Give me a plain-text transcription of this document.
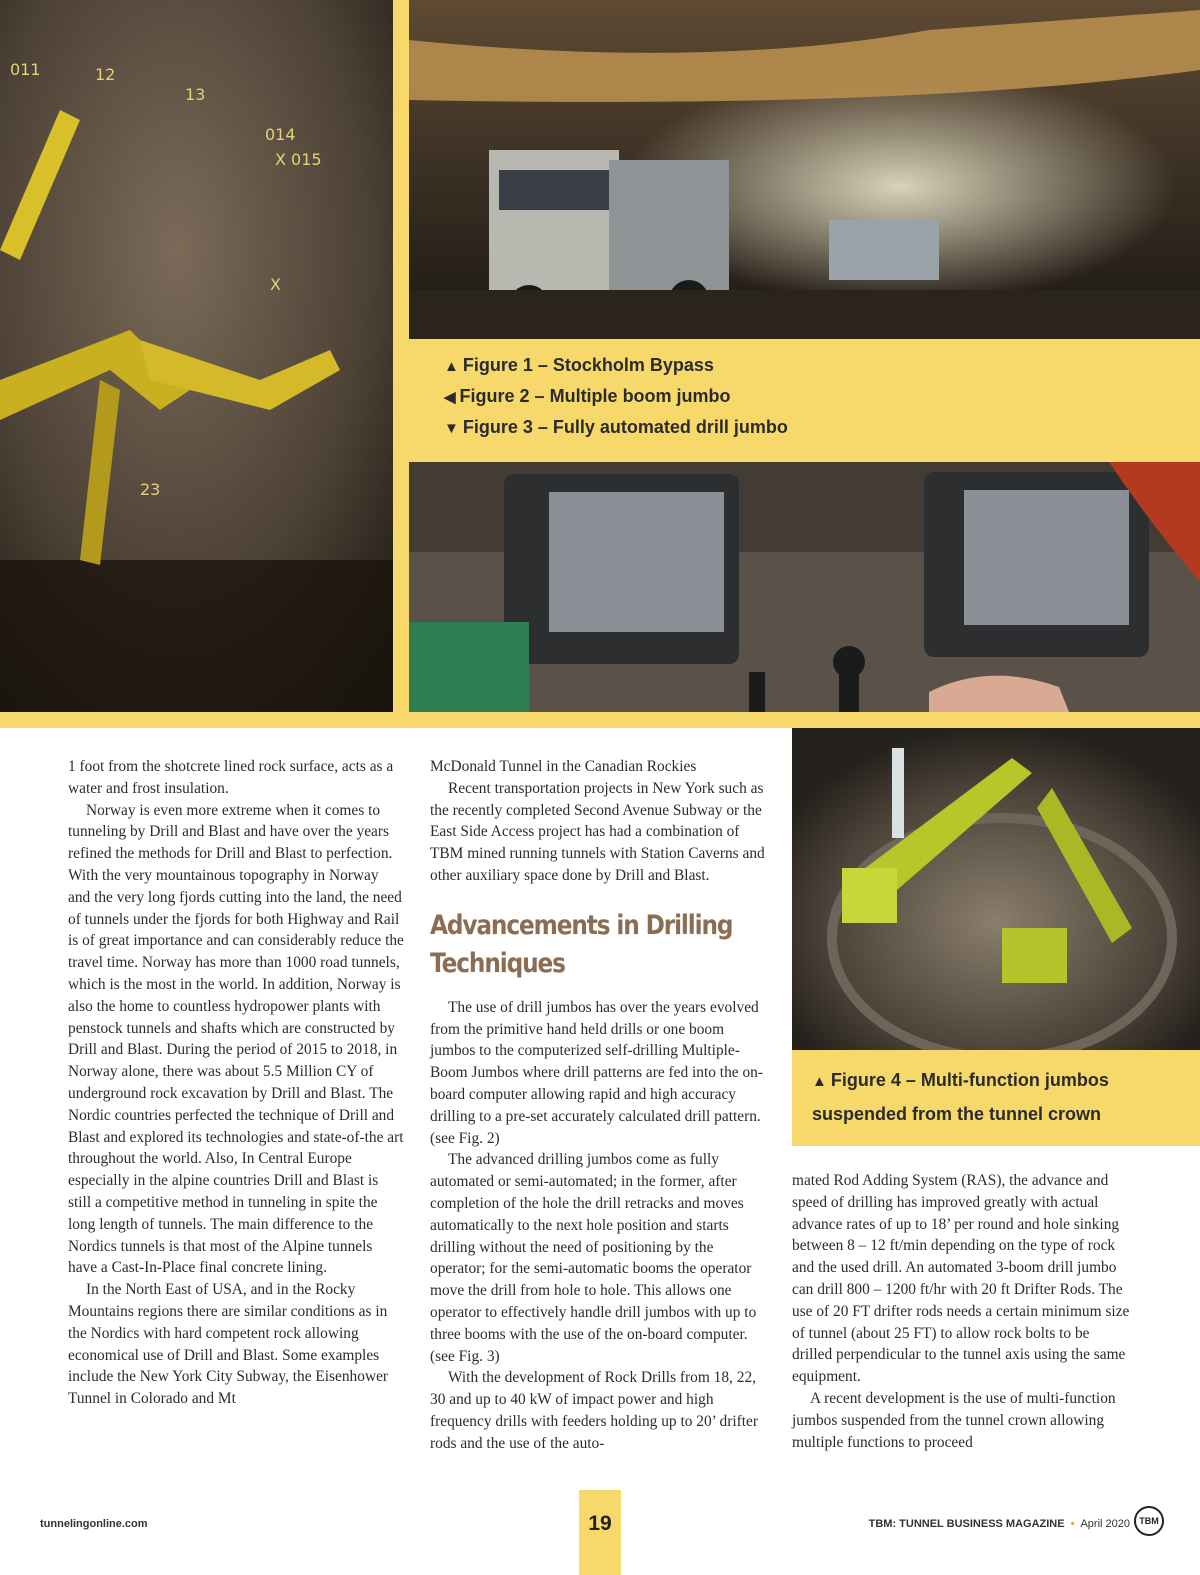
011	12
13
014
X 015
X
23
▲ Figure 1 – Stockholm Bypass
◀ Figure 2 – Multiple boom jumbo
▼ Figure 3 – Fully automated drill jumbo
▲ Figure 4 – Multi-function jumbos suspended from the tunnel crown

1 foot from the shotcrete lined rock surface, acts as a water and frost insulation.

Norway is even more extreme when it comes to tunneling by Drill and Blast and have over the years refined the methods for Drill and Blast to perfection. With the very mountainous topography in Norway and the very long fjords cutting into the land, the need of tunnels under the fjords for both Highway and Rail is of great importance and can considerably reduce the travel time. Norway has more than 1000 road tunnels, which is the most in the world. In addition, Norway is also the home to countless hydropower plants with penstock tunnels and shafts which are constructed by Drill and Blast. During the period of 2015 to 2018, in Norway alone, there was about 5.5 Million CY of underground rock excavation by Drill and Blast. The Nordic countries perfected the technique of Drill and Blast and explored its technologies and state-of-the art throughout the world. Also, In Central Europe especially in the alpine countries Drill and Blast is still a competitive method in tunneling in spite the long length of tunnels. The main difference to the Nordics tunnels is that most of the Alpine tunnels have a Cast-In-Place final concrete lining.

In the North East of USA, and in the Rocky Mountains regions there are similar conditions as in the Nordics with hard competent rock allowing economical use of Drill and Blast. Some examples include the New York City Subway, the Eisenhower Tunnel in Colorado and Mt

McDonald Tunnel in the Canadian Rockies

Recent transportation projects in New York such as the recently completed Second Avenue Subway or the East Side Access project has had a combination of TBM mined running tunnels with Station Caverns and other auxiliary space done by Drill and Blast.

Advancements in Drilling Techniques

The use of drill jumbos has over the years evolved from the primitive hand held drills or one boom jumbos to the computerized self-drilling Multiple-Boom Jumbos where drill patterns are fed into the on-board computer allowing rapid and high accuracy drilling to a pre-set accurately calculated drill pattern. (see Fig. 2)

The advanced drilling jumbos come as fully automated or semi-automated; in the former, after completion of the hole the drill retracks and moves automatically to the next hole position and starts drilling without the need of positioning by the operator; for the semi-automatic booms the operator move the drill from hole to hole. This allows one operator to effectively handle drill jumbos with up to three booms with the use of the on-board computer. (see Fig. 3)

With the development of Rock Drills from 18, 22, 30 and up to 40 kW of impact power and high frequency drills with feeders holding up to 20’ drifter rods and the use of the auto-

mated Rod Adding System (RAS), the advance and speed of drilling has improved greatly with actual advance rates of up to 18’ per round and hole sinking between 8 – 12 ft/min depending on the type of rock and the used drill. An automated 3-boom drill jumbo can drill 800 – 1200 ft/hr with 20 ft Drifter Rods. The use of 20 FT drifter rods needs a certain minimum size of tunnel (about 25 FT) to allow rock bolts to be drilled perpendicular to the tunnel axis using the same equipment.

A recent development is the use of multi-function jumbos suspended from the tunnel crown allowing multiple functions to proceed

tunnelingonline.com	19	TBM: TUNNEL BUSINESS MAGAZINE • April 2020	TBM
